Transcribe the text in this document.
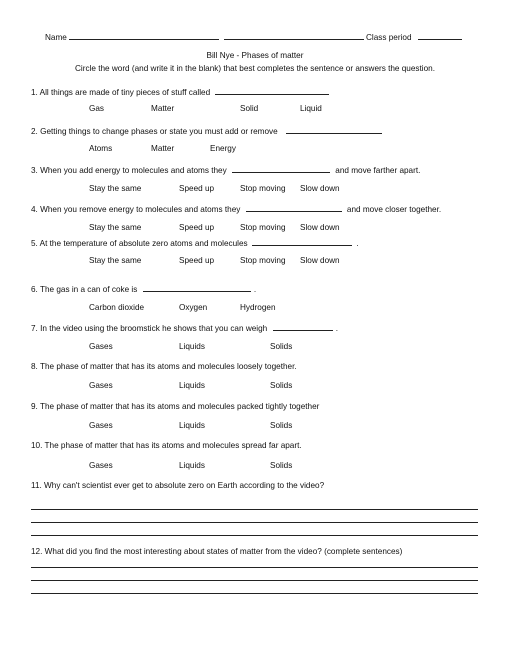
Name	Class period
Bill Nye - Phases of matter
Circle the word (and write it in the blank) that best completes the sentence or answers the question.
1. All things are made of tiny pieces of stuff called
Gas	Matter	Solid	Liquid
2. Getting things to change phases or state you must add or remove
Atoms	Matter	Energy
3. When you add energy to molecules and atoms they	and move farther apart.
Stay the same	Speed up	Stop moving Slow down
4. When you remove energy to molecules and atoms they	and move closer together.
Stay the same	Speed up	Stop moving Slow down
5. At the temperature of absolute zero atoms and molecules	.
Stay the same	Speed up	Stop moving Slow down
6. The gas in a can of coke is	.
Carbon dioxide	Oxygen	Hydrogen
7. In the video using the broomstick he shows that you can weigh	.
Gases	Liquids	Solids
8. The phase of matter that has its atoms and molecules loosely together.
Gases	Liquids	Solids
9. The phase of matter that has its atoms and molecules packed tightly together
Gases	Liquids	Solids
10. The phase of matter that has its atoms and molecules spread far apart.
Gases	Liquids	Solids
11. Why can't scientist ever get to absolute zero on Earth according to the video?
12. What did you find the most interesting about states of matter from the video? (complete sentences)
